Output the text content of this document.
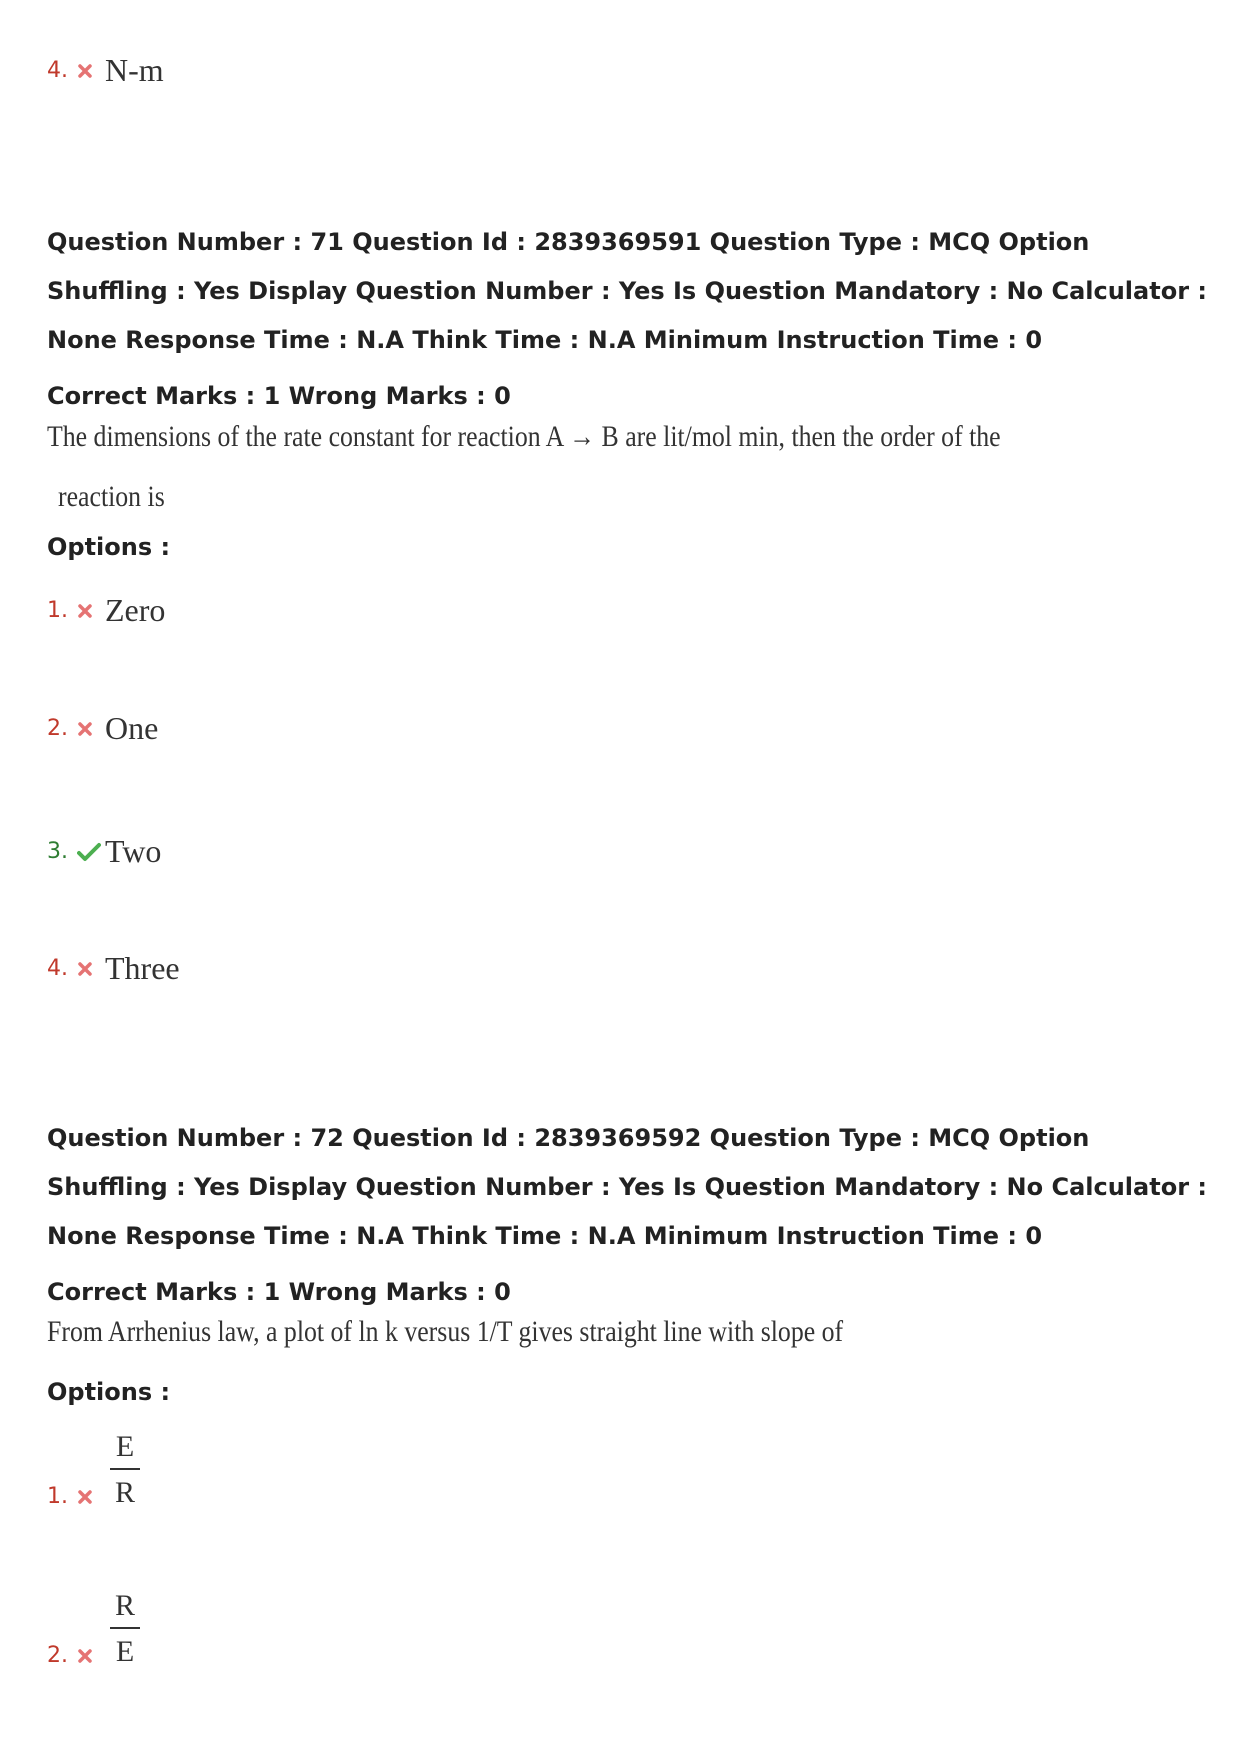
4. N-m
Question Number : 71 Question Id : 2839369591 Question Type : MCQ Option Shuffling : Yes Display Question Number : Yes Is Question Mandatory : No Calculator : None Response Time : N.A Think Time : N.A Minimum Instruction Time : 0
Correct Marks : 1 Wrong Marks : 0
The dimensions of the rate constant for reaction A → B are lit/mol min, then the order of the
reaction is
Options :
1. Zero
2. One
3. Two
4. Three
Question Number : 72 Question Id : 2839369592 Question Type : MCQ Option Shuffling : Yes Display Question Number : Yes Is Question Mandatory : No Calculator : None Response Time : N.A Think Time : N.A Minimum Instruction Time : 0
Correct Marks : 1 Wrong Marks : 0
From Arrhenius law, a plot of ln k versus 1/T gives straight line with slope of
Options :
1.
E
R
2.
R
E
